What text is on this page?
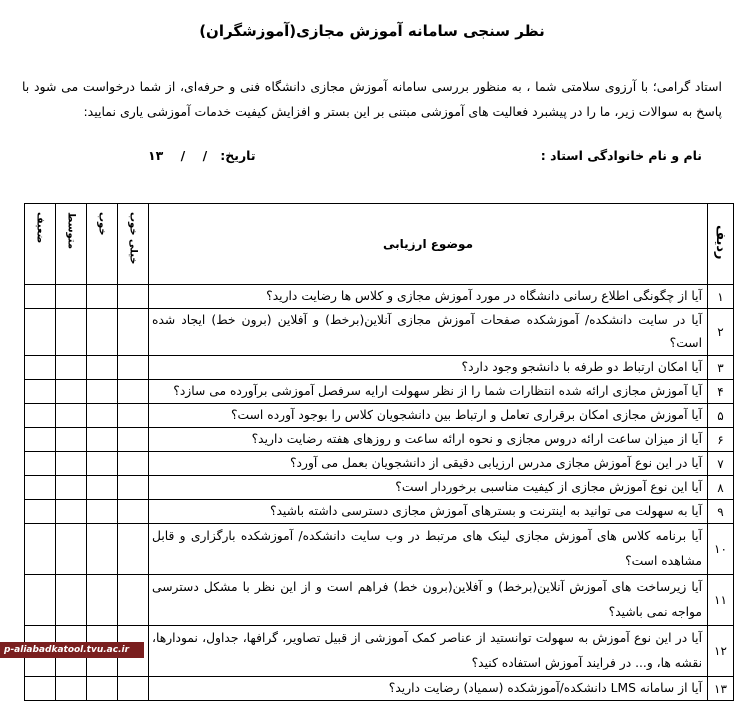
نظر سنجی سامانه آموزش مجازی(آموزشگران)

استاد گرامی؛ با آرزوی سلامتی شما ، به منظور بررسی سامانه آموزش مجازی دانشگاه فنی و حرفه‌ای، از شما درخواست می شود با پاسخ به سوالات زیر، ما را در پیشبرد فعالیت های آموزشی مبتنی بر این بستر و افزایش کیفیت خدمات آموزشی یاری نمایید:

نام و نام خانوادگی استاد :
تاریخ:   /    /    ۱۳
ردیف	موضوع ارزیابی	خیلی خوب	خوب	متوسط	ضعیف
۱	آیا از چگونگی اطلاع رسانی دانشگاه در مورد آموزش مجازی و کلاس ها رضایت دارید؟				
۲	آیا در سایت دانشکده/ آموزشکده صفحات آموزش مجازی آنلاین(برخط) و آفلاین (برون خط) ایجاد شده است؟				
۳	آیا امکان ارتباط دو طرفه با دانشجو وجود دارد؟				
۴	آیا آموزش مجازی ارائه شده انتظارات شما را از نظر سهولت ارایه سرفصل آموزشی برآورده می سازد؟				
۵	آیا آموزش مجازی امکان برقراری تعامل و ارتباط بین دانشجویان کلاس را بوجود آورده است؟				
۶	آیا از میزان ساعت ارائه دروس مجازی و نحوه ارائه ساعت و روزهای هفته رضایت دارید؟				
۷	آیا در این نوع آموزش مجازی مدرس ارزیابی دقیقی از دانشجویان بعمل می آورد؟				
۸	آیا این نوع آموزش مجازی از کیفیت مناسبی برخوردار است؟				
۹	آیا به سهولت می توانید به اینترنت و بسترهای آموزش مجازی دسترسی داشته باشید؟				
۱۰	آیا برنامه کلاس های آموزش مجازی لینک های مرتبط در وب سایت دانشکده/ آموزشکده بارگزاری و قابل مشاهده است؟				
۱۱	آیا زیرساخت های آموزش آنلاین(برخط) و آفلاین(برون خط) فراهم است و از این نظر با مشکل دسترسی مواجه نمی باشید؟				
۱۲	آیا در این نوع آموزش به سهولت توانستید از عناصر کمک آموزشی از قبیل تصاویر، گرافها، جداول، نمودارها، نقشه ها، و... در فرایند آموزش استفاده کنید؟				
۱۳	آیا از سامانه LMS دانشکده/آموزشکده (سمیاد) رضایت دارید؟				
p-aliabadkatool.tvu.ac.ir
